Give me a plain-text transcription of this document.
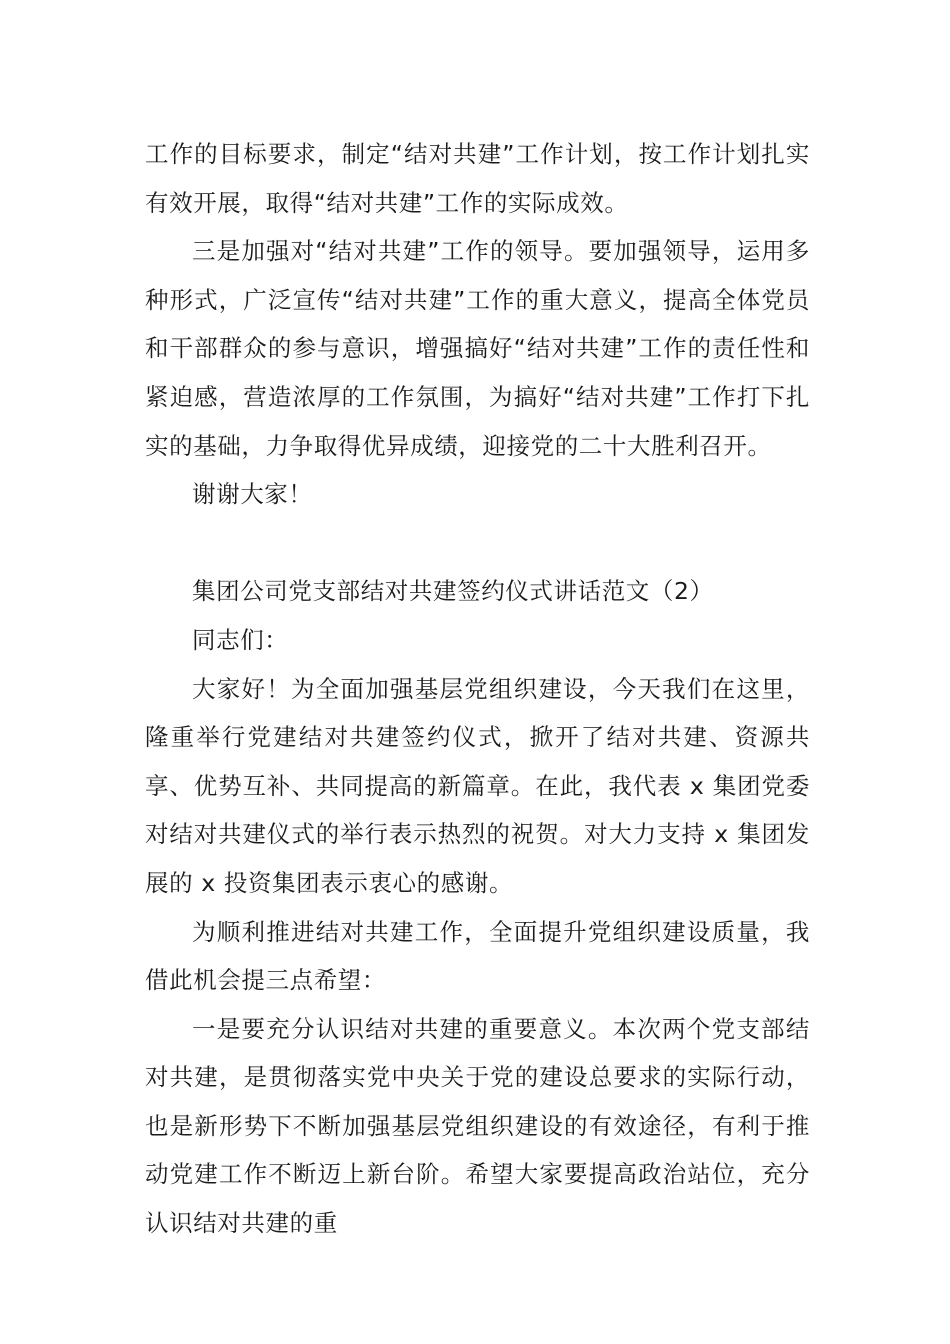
工作的目标要求，制定“结对共建”工作计划，按工作计划扎实有效开展，取得“结对共建”工作的实际成效。

三是加强对“结对共建”工作的领导。要加强领导，运用多种形式，广泛宣传“结对共建”工作的重大意义，提高全体党员和干部群众的参与意识，增强搞好“结对共建”工作的责任性和紧迫感，营造浓厚的工作氛围，为搞好“结对共建”工作打下扎实的基础，力争取得优异成绩，迎接党的二十大胜利召开。

谢谢大家！

集团公司党支部结对共建签约仪式讲话范文（2）

同志们：

大家好！为全面加强基层党组织建设，今天我们在这里，隆重举行党建结对共建签约仪式，掀开了结对共建、资源共享、优势互补、共同提高的新篇章。在此，我代表 x 集团党委对结对共建仪式的举行表示热烈的祝贺。对大力支持 x 集团发展的 x 投资集团表示衷心的感谢。

为顺利推进结对共建工作，全面提升党组织建设质量，我借此机会提三点希望：

一是要充分认识结对共建的重要意义。本次两个党支部结对共建，是贯彻落实党中央关于党的建设总要求的实际行动，也是新形势下不断加强基层党组织建设的有效途径，有利于推动党建工作不断迈上新台阶。希望大家要提高政治站位，充分认识结对共建的重
